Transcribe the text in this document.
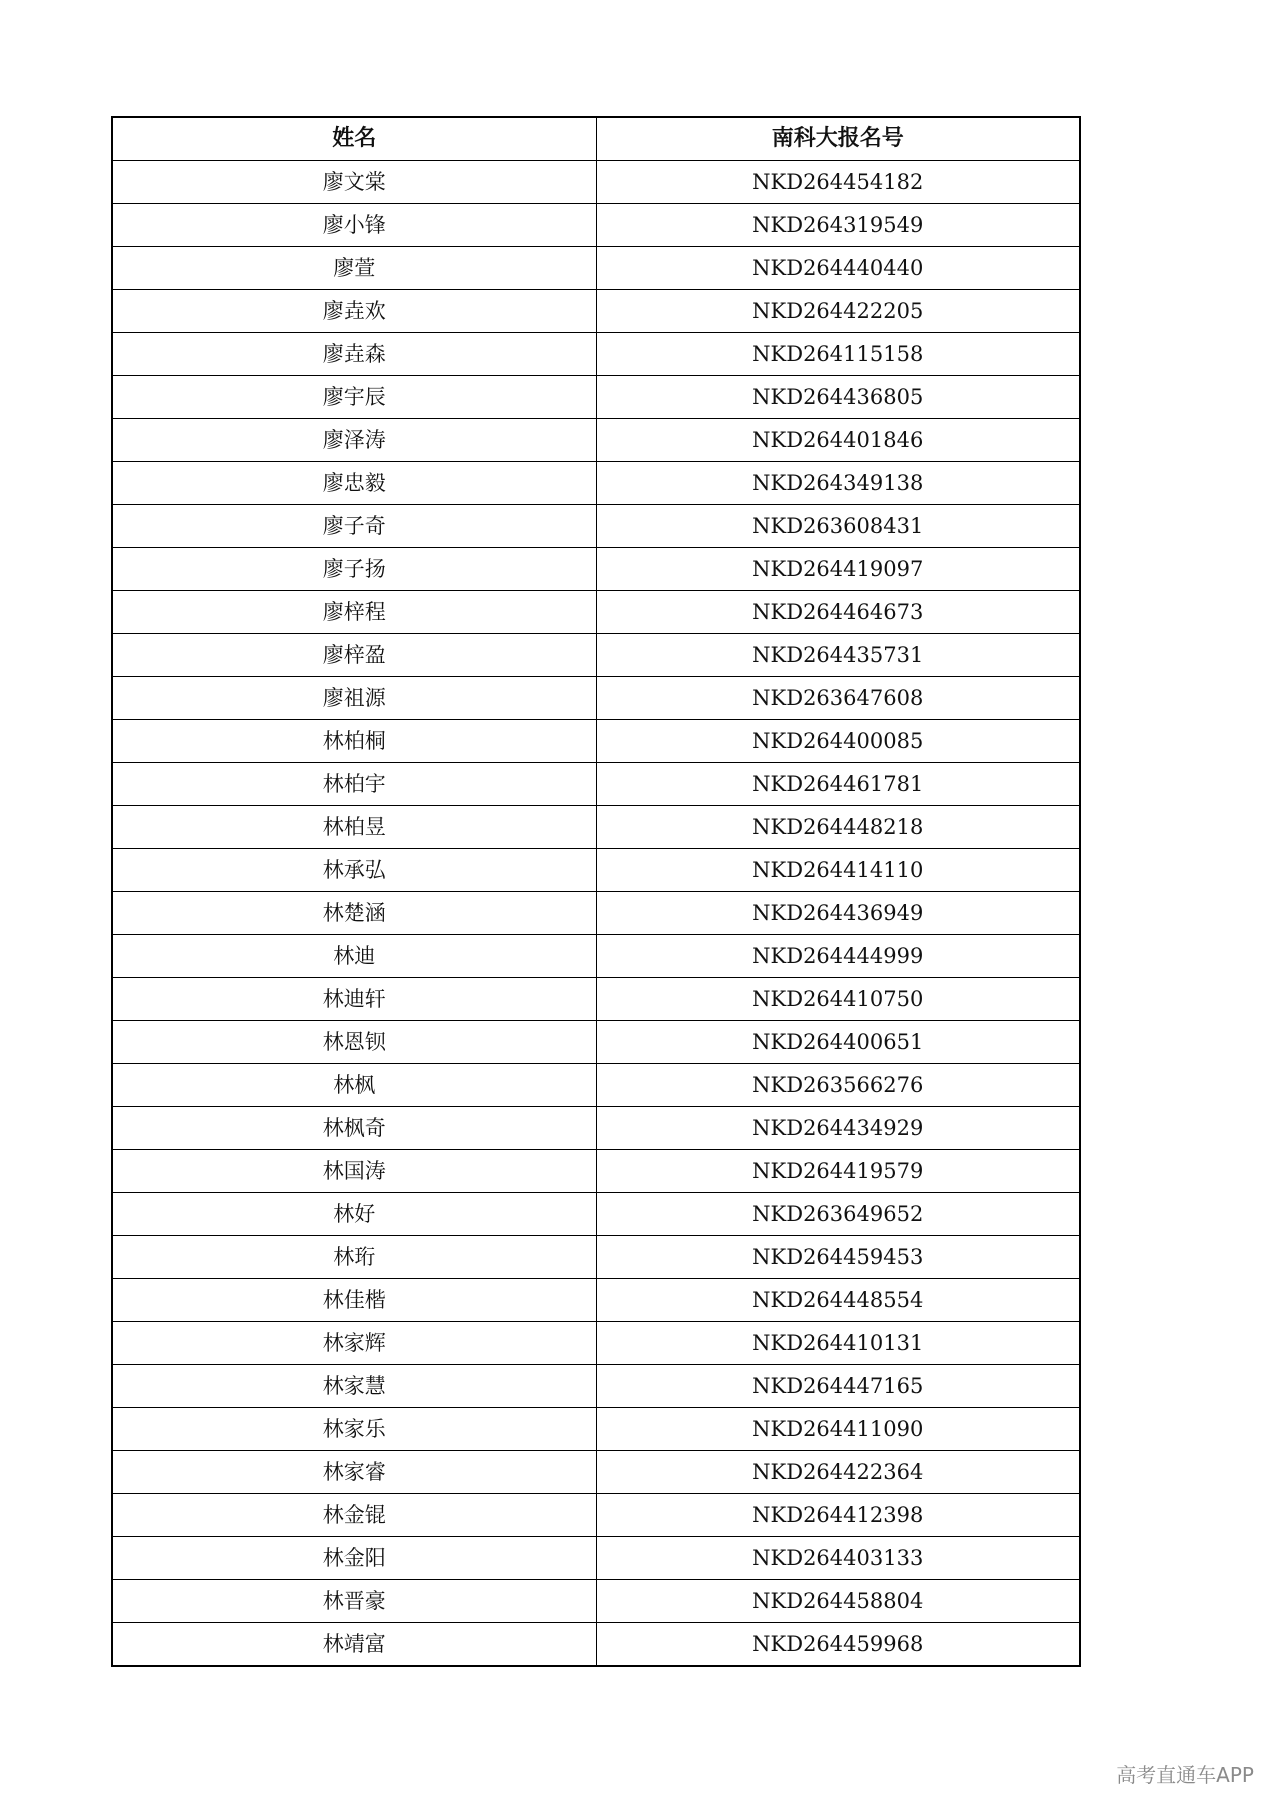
姓名	南科大报名号
廖文棠	NKD264454182
廖小锋	NKD264319549
廖萱	NKD264440440
廖垚欢	NKD264422205
廖垚森	NKD264115158
廖宇辰	NKD264436805
廖泽涛	NKD264401846
廖忠毅	NKD264349138
廖子奇	NKD263608431
廖子扬	NKD264419097
廖梓程	NKD264464673
廖梓盈	NKD264435731
廖祖源	NKD263647608
林柏桐	NKD264400085
林柏宇	NKD264461781
林柏昱	NKD264448218
林承弘	NKD264414110
林楚涵	NKD264436949
林迪	NKD264444999
林迪轩	NKD264410750
林恩钡	NKD264400651
林枫	NKD263566276
林枫奇	NKD264434929
林国涛	NKD264419579
林好	NKD263649652
林珩	NKD264459453
林佳楷	NKD264448554
林家辉	NKD264410131
林家慧	NKD264447165
林家乐	NKD264411090
林家睿	NKD264422364
林金锟	NKD264412398
林金阳	NKD264403133
林晋豪	NKD264458804
林靖富	NKD264459968
高考直通车APP
